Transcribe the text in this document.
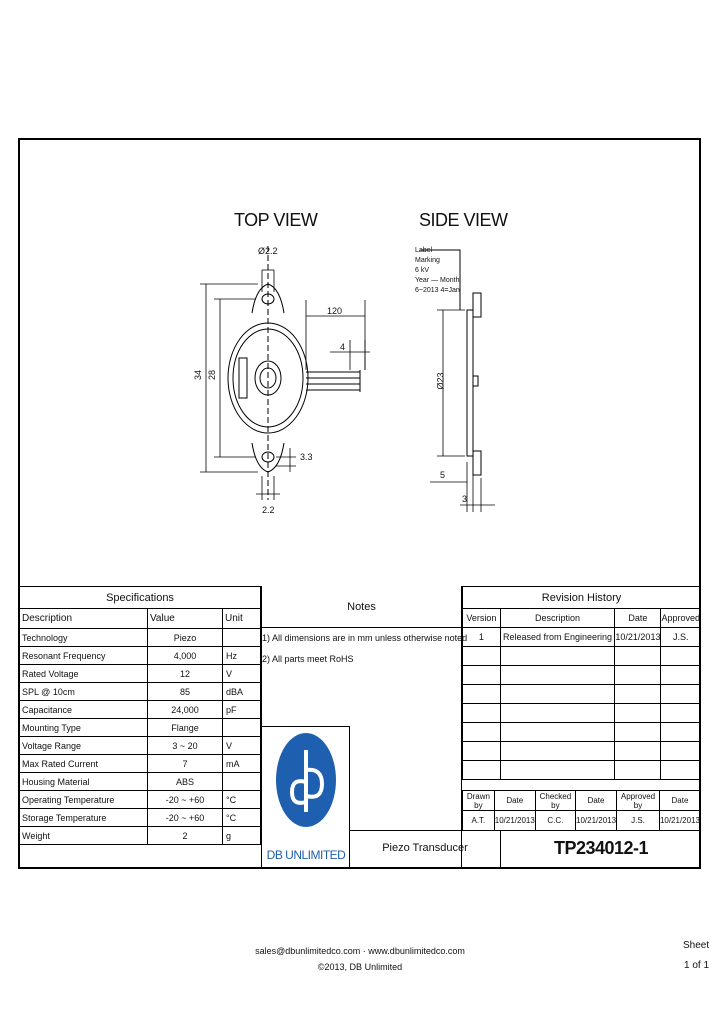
TOP VIEW	SIDE VIEW
Ø2.2
34 28
120
4
3.3
2.2
Ø23
5
3
Label
Marking
6 kV
Year — Month
6~2013 4=Jan
Specifications		
Description	Value	Unit
Technology	Piezo	
Resonant Frequency	4,000	Hz
Rated Voltage	12	V
SPL @ 10cm	85	dBA
Capacitance	24,000	pF
Mounting Type	Flange	
Voltage Range	3 ~ 20	V
Max Rated Current	7	mA
Housing Material	ABS	
Operating Temperature	-20 ~ +60	°C
Storage Temperature	-20 ~ +60	°C
Weight	2	g
Notes
1) All dimensions are in mm unless otherwise noted
2) All parts meet RoHS
Revision History			
Version	Description	Date	Approved
1	Released from Engineering	10/21/2013	J.S.

Drawn by	Date	Checked by	Date	Approved by	Date
A.T.	10/21/2013	C.C.	10/21/2013	J.S.	10/21/2013
DB UNLIMITED	Piezo Transducer	TP234012-1
sales@dbunlimitedco.com · www.dbunlimitedco.com
©2013, DB Unlimited
Sheet
1 of 1
